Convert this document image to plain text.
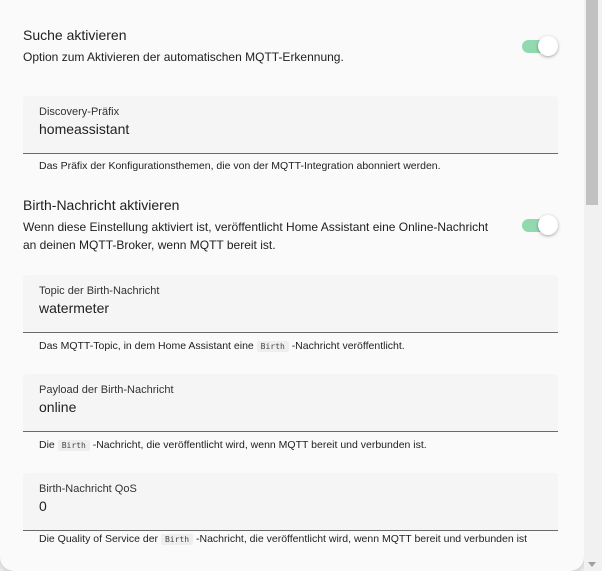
Suche aktivieren
Option zum Aktivieren der automatischen MQTT-Erkennung.
Discovery-Präfix
homeassistant
Das Präfix der Konfigurationsthemen, die von der MQTT-Integration abonniert werden.
Birth-Nachricht aktivieren
Wenn diese Einstellung aktiviert ist, veröffentlicht Home Assistant eine Online-Nachricht an deinen MQTT-Broker, wenn MQTT bereit ist.
Topic der Birth-Nachricht
watermeter
Das MQTT-Topic, in dem Home Assistant eine Birth -Nachricht veröffentlicht.
Payload der Birth-Nachricht
online
Die Birth -Nachricht, die veröffentlicht wird, wenn MQTT bereit und verbunden ist.
Birth-Nachricht QoS
0
Die Quality of Service der Birth -Nachricht, die veröffentlicht wird, wenn MQTT bereit und verbunden ist
